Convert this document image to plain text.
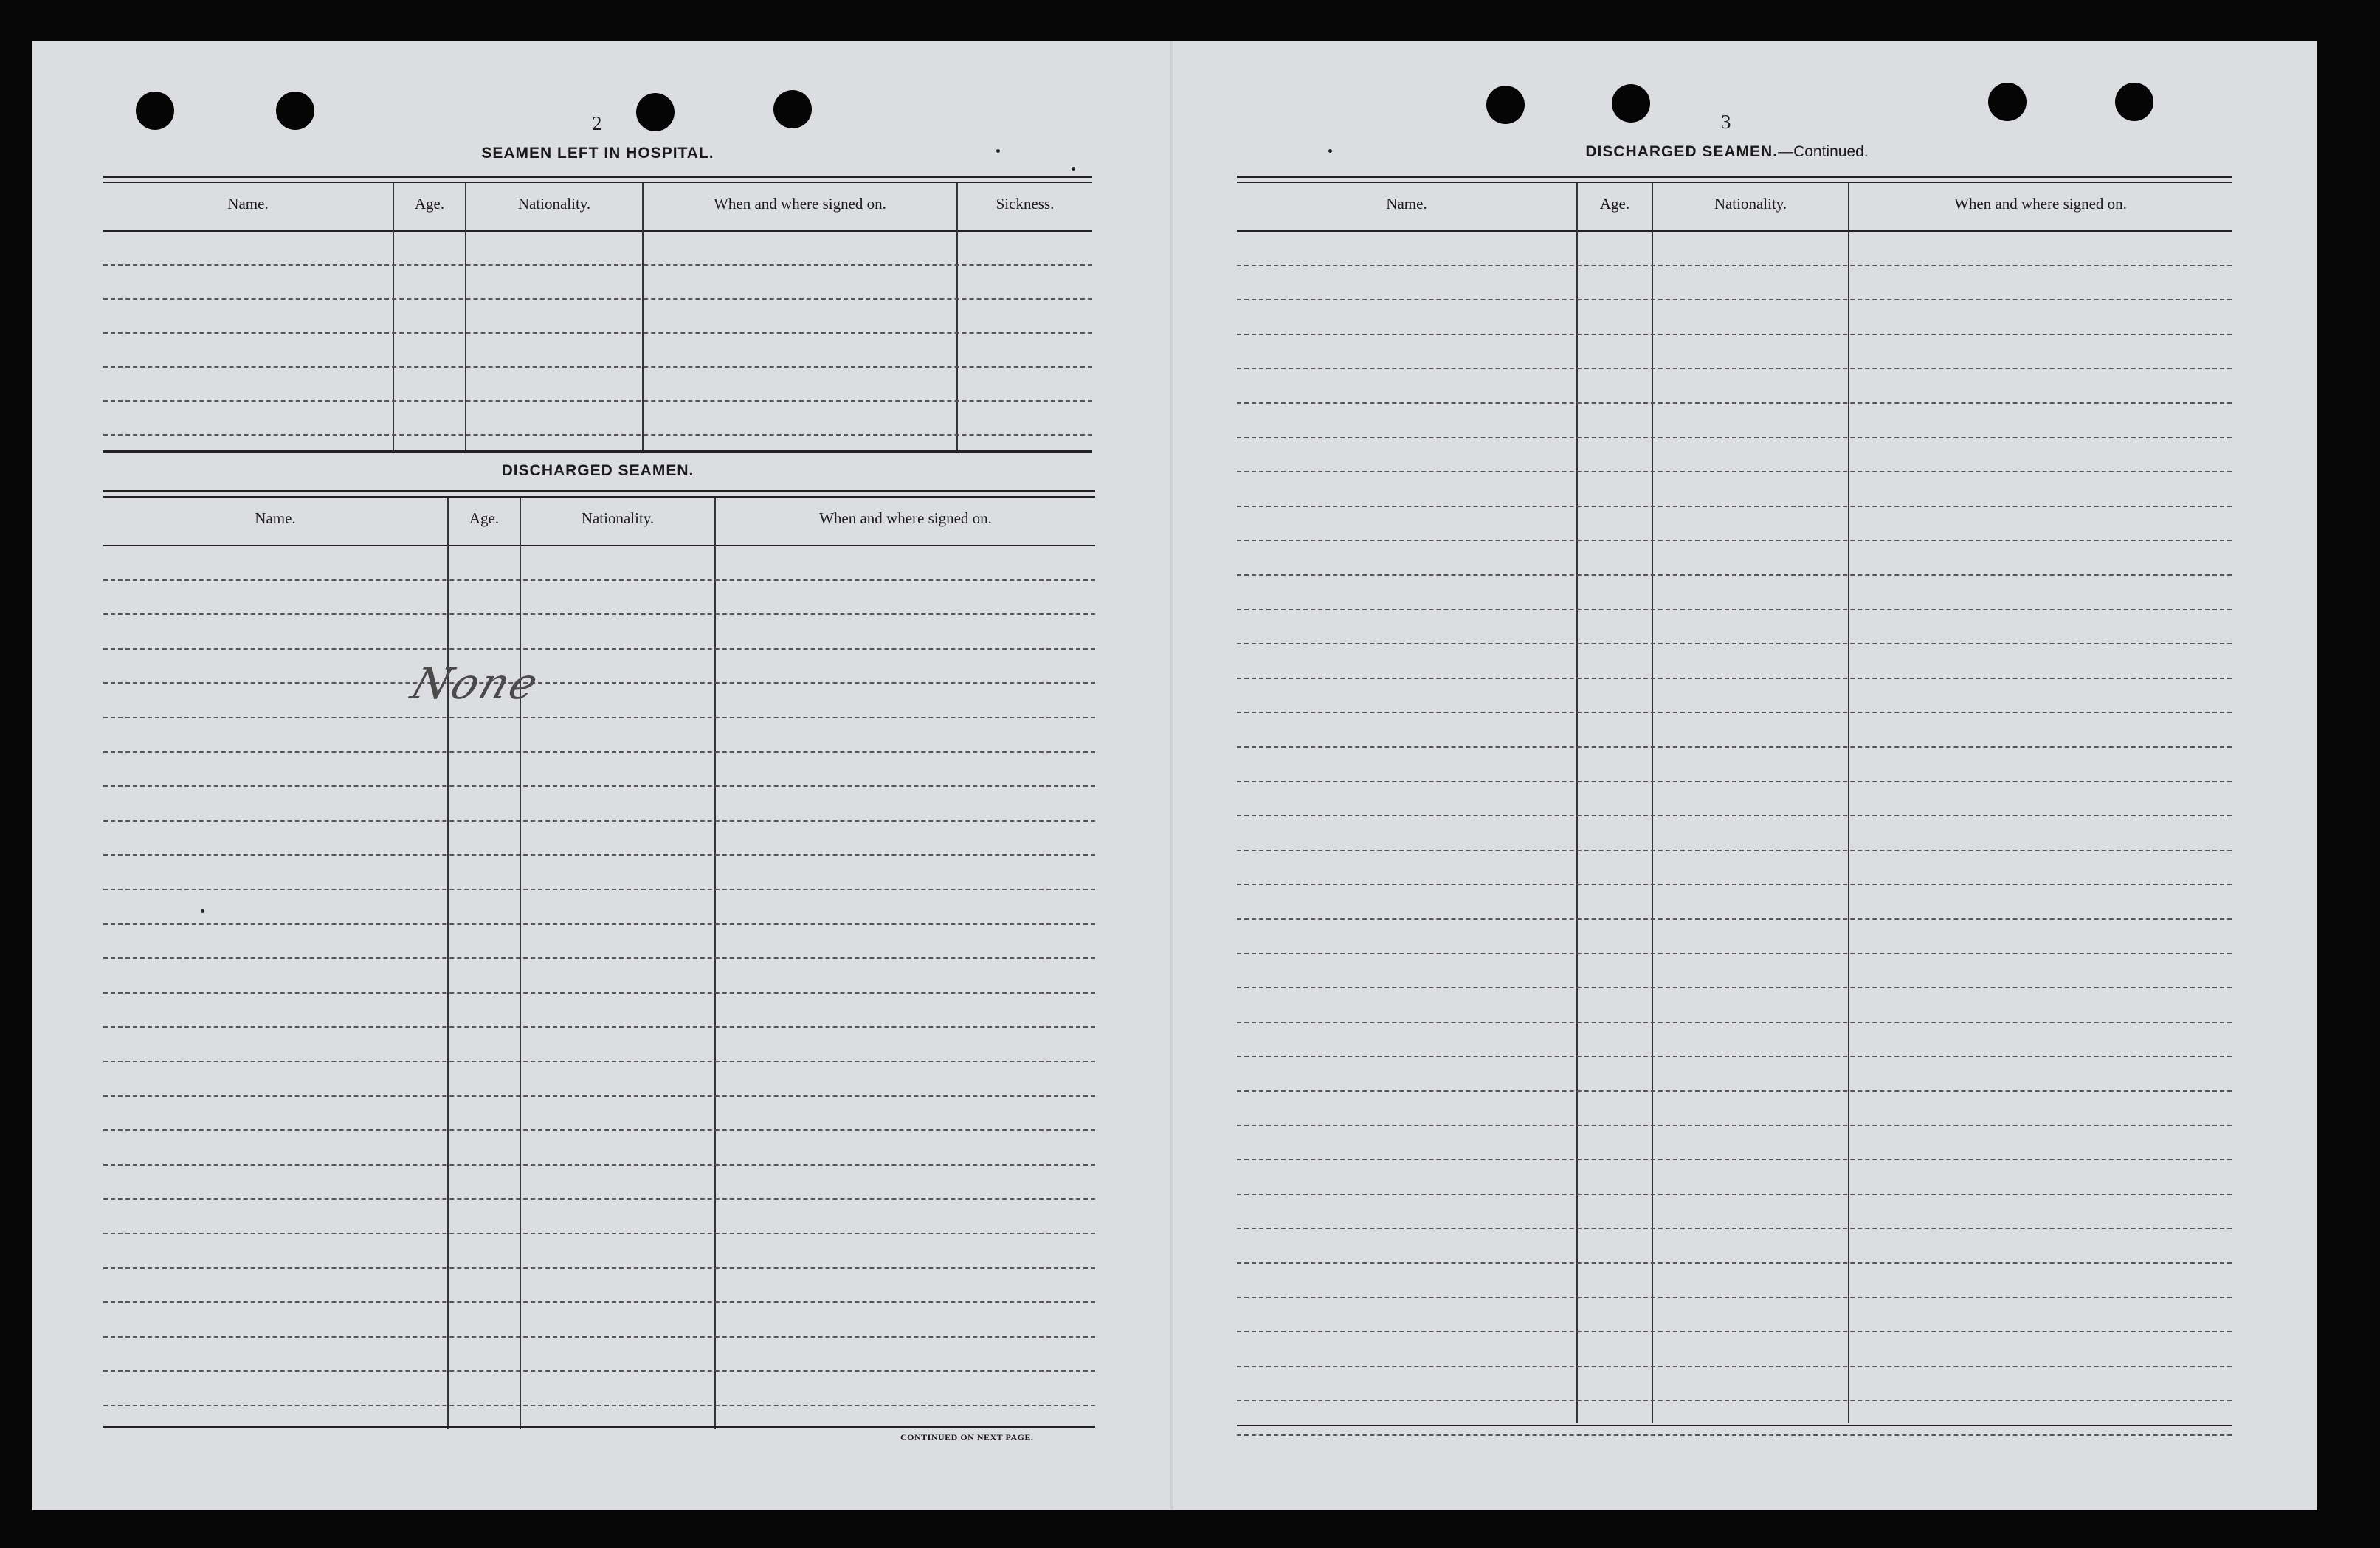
2
SEAMEN LEFT IN HOSPITAL.
Name.	Age.	Nationality.	When and where signed on.	Sickness.
DISCHARGED SEAMEN.
Name.	Age.	Nationality.	When and where signed on.
None
CONTINUED ON NEXT PAGE.
3
DISCHARGED SEAMEN.—Continued.
Name.	Age.	Nationality.	When and where signed on.
